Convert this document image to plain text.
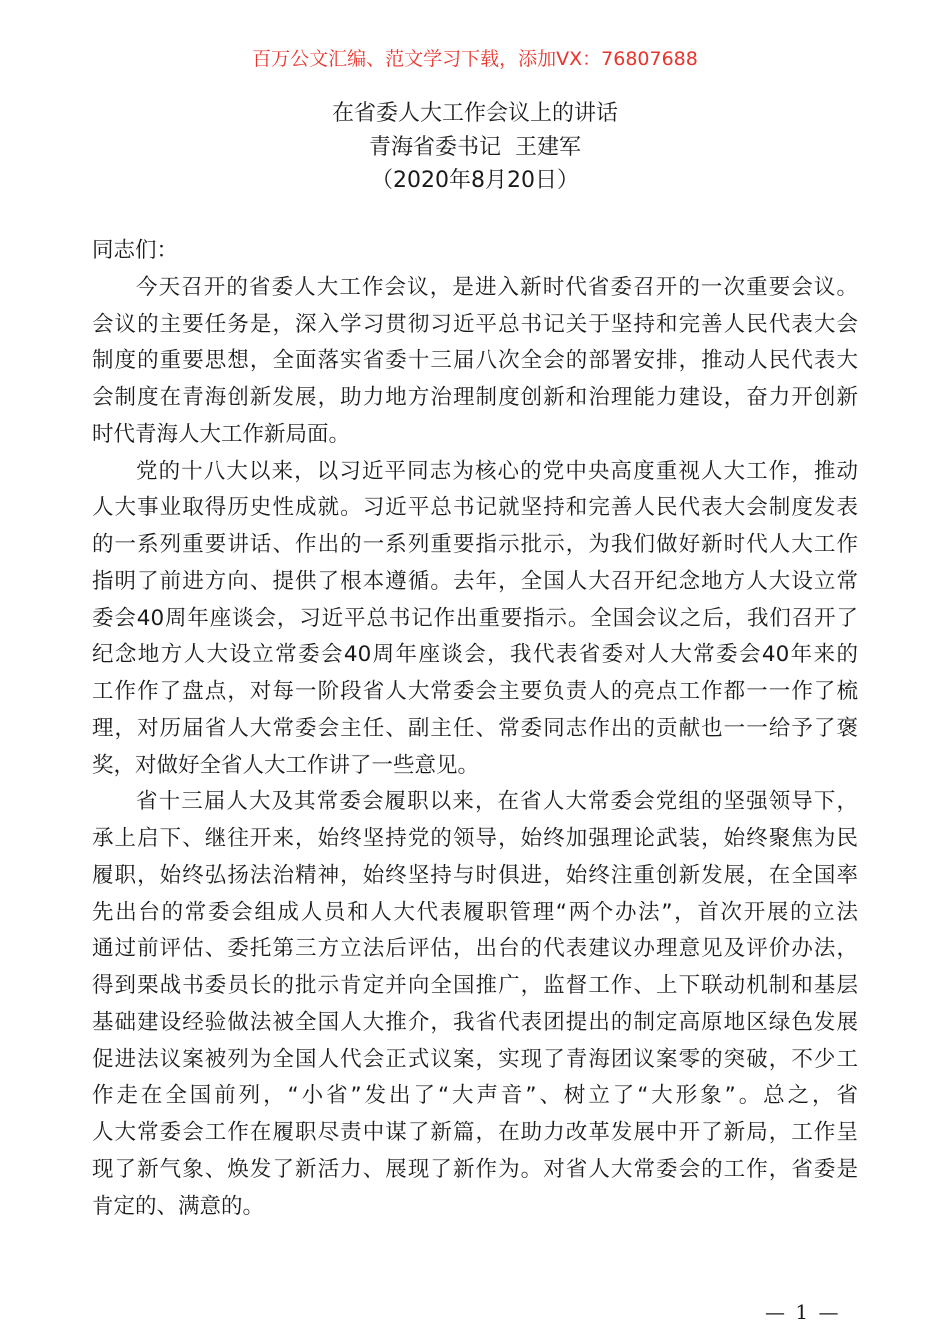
百万公文汇编、范文学习下载，添加VX：76807688
在省委人大工作会议上的讲话
青海省委书记  王建军
（2020年8月20日）
同志们：
今天召开的省委人大工作会议，是进入新时代省委召开的一次重要会议。
会议的主要任务是，深入学习贯彻习近平总书记关于坚持和完善人民代表大会
制度的重要思想，全面落实省委十三届八次全会的部署安排，推动人民代表大
会制度在青海创新发展，助力地方治理制度创新和治理能力建设，奋力开创新
时代青海人大工作新局面。
党的十八大以来，以习近平同志为核心的党中央高度重视人大工作，推动
人大事业取得历史性成就。习近平总书记就坚持和完善人民代表大会制度发表
的一系列重要讲话、作出的一系列重要指示批示，为我们做好新时代人大工作
指明了前进方向、提供了根本遵循。去年，全国人大召开纪念地方人大设立常
委会40周年座谈会，习近平总书记作出重要指示。全国会议之后，我们召开了
纪念地方人大设立常委会40周年座谈会，我代表省委对人大常委会40年来的
工作作了盘点，对每一阶段省人大常委会主要负责人的亮点工作都一一作了梳
理，对历届省人大常委会主任、副主任、常委同志作出的贡献也一一给予了褒
奖，对做好全省人大工作讲了一些意见。
省十三届人大及其常委会履职以来，在省人大常委会党组的坚强领导下，
承上启下、继往开来，始终坚持党的领导，始终加强理论武装，始终聚焦为民
履职，始终弘扬法治精神，始终坚持与时俱进，始终注重创新发展，在全国率
先出台的常委会组成人员和人大代表履职管理“两个办法”，首次开展的立法
通过前评估、委托第三方立法后评估，出台的代表建议办理意见及评价办法，
得到栗战书委员长的批示肯定并向全国推广，监督工作、上下联动机制和基层
基础建设经验做法被全国人大推介，我省代表团提出的制定高原地区绿色发展
促进法议案被列为全国人代会正式议案，实现了青海团议案零的突破，不少工
作走在全国前列，“小省”发出了“大声音”、树立了“大形象”。总之，省
人大常委会工作在履职尽责中谋了新篇，在助力改革发展中开了新局，工作呈
现了新气象、焕发了新活力、展现了新作为。对省人大常委会的工作，省委是
肯定的、满意的。
— 1 —
